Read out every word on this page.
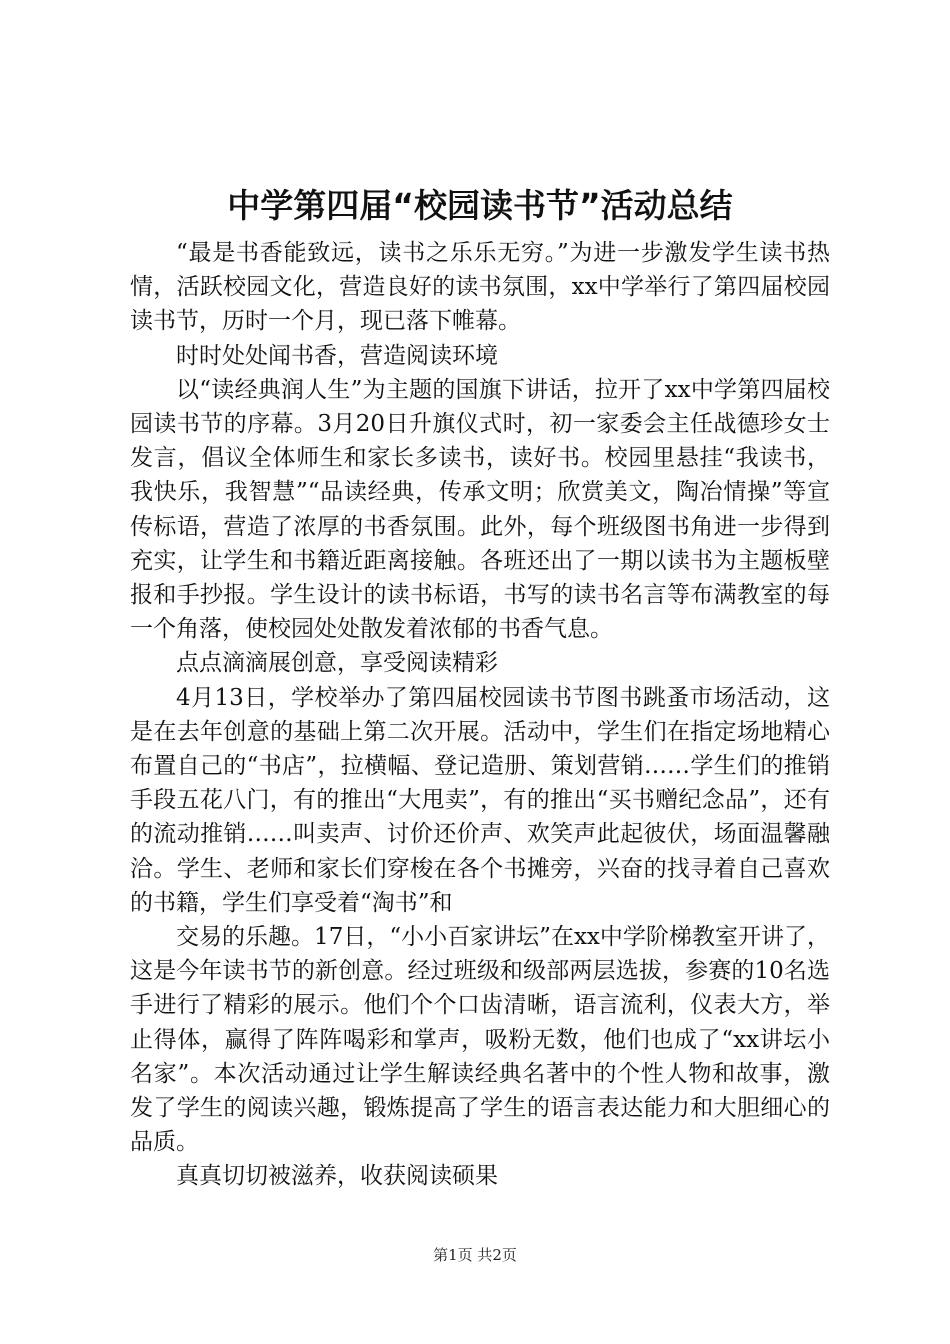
中学第四届“校园读书节”活动总结

“最是书香能致远，读书之乐乐无穷。”为进一步激发学生读书热情，活跃校园文化，营造良好的读书氛围，xx中学举行了第四届校园读书节，历时一个月，现已落下帷幕。

时时处处闻书香，营造阅读环境

以“读经典润人生”为主题的国旗下讲话，拉开了xx中学第四届校园读书节的序幕。3月20日升旗仪式时，初一家委会主任战德珍女士发言，倡议全体师生和家长多读书，读好书。校园里悬挂“我读书，我快乐，我智慧”“品读经典，传承文明；欣赏美文，陶冶情操”等宣传标语，营造了浓厚的书香氛围。此外，每个班级图书角进一步得到充实，让学生和书籍近距离接触。各班还出了一期以读书为主题板壁报和手抄报。学生设计的读书标语，书写的读书名言等布满教室的每一个角落，使校园处处散发着浓郁的书香气息。

点点滴滴展创意，享受阅读精彩

4月13日，学校举办了第四届校园读书节图书跳蚤市场活动，这是在去年创意的基础上第二次开展。活动中，学生们在指定场地精心布置自己的“书店”，拉横幅、登记造册、策划营销……学生们的推销手段五花八门，有的推出“大甩卖”，有的推出“买书赠纪念品”，还有的流动推销……叫卖声、讨价还价声、欢笑声此起彼伏，场面温馨融洽。学生、老师和家长们穿梭在各个书摊旁，兴奋的找寻着自己喜欢的书籍，学生们享受着“淘书”和

交易的乐趣。17日，“小小百家讲坛”在xx中学阶梯教室开讲了，这是今年读书节的新创意。经过班级和级部两层选拔，参赛的10名选手进行了精彩的展示。他们个个口齿清晰，语言流利，仪表大方，举止得体，赢得了阵阵喝彩和掌声，吸粉无数，他们也成了“xx讲坛小名家”。本次活动通过让学生解读经典名著中的个性人物和故事，激发了学生的阅读兴趣，锻炼提高了学生的语言表达能力和大胆细心的品质。

真真切切被滋养，收获阅读硕果

第1页 共2页
